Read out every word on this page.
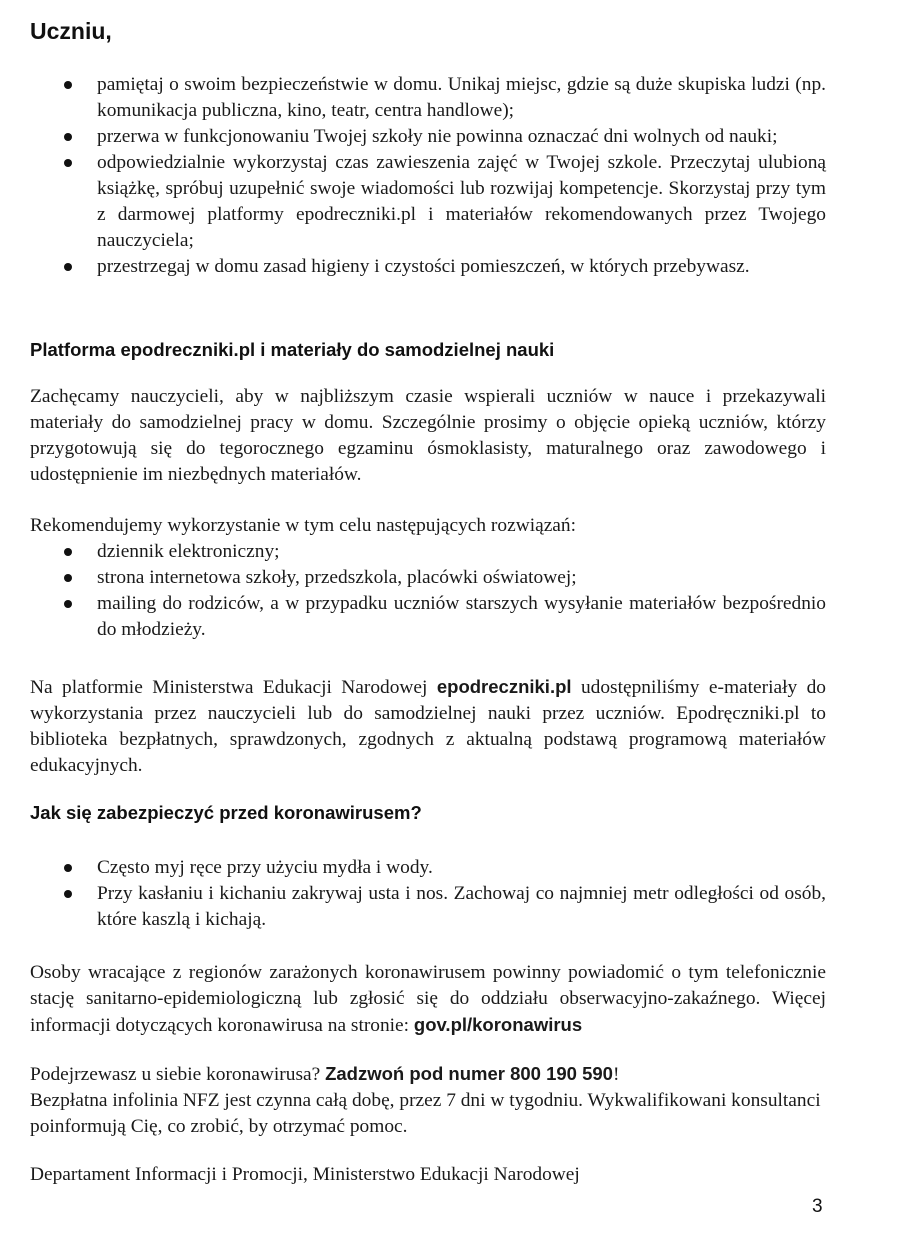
Uczniu,
pamiętaj o swoim bezpieczeństwie w domu. Unikaj miejsc, gdzie są duże skupiska ludzi (np. komunikacja publiczna, kino, teatr, centra handlowe);
przerwa w funkcjonowaniu Twojej szkoły nie powinna oznaczać dni wolnych od nauki;
odpowiedzialnie wykorzystaj czas zawieszenia zajęć w Twojej szkole. Przeczytaj ulubioną książkę, spróbuj uzupełnić swoje wiadomości lub rozwijaj kompetencje. Skorzystaj przy tym z darmowej platformy epodreczniki.pl i materiałów rekomendowanych przez Twojego nauczyciela;
przestrzegaj w domu zasad higieny i czystości pomieszczeń, w których przebywasz.
Platforma epodreczniki.pl i materiały do samodzielnej nauki

Zachęcamy nauczycieli, aby w najbliższym czasie wspierali uczniów w nauce i przekazywali materiały do samodzielnej pracy w domu. Szczególnie prosimy o objęcie opieką uczniów, którzy przygotowują się do tegorocznego egzaminu ósmoklasisty, maturalnego oraz zawodowego i udostępnienie im niezbędnych materiałów.

Rekomendujemy wykorzystanie w tym celu następujących rozwiązań:

dziennik elektroniczny;
strona internetowa szkoły, przedszkola, placówki oświatowej;
mailing do rodziców, a w przypadku uczniów starszych wysyłanie materiałów bezpośrednio do młodzieży.

Na platformie Ministerstwa Edukacji Narodowej epodreczniki.pl udostępniliśmy e-materiały do wykorzystania przez nauczycieli lub do samodzielnej nauki przez uczniów. Epodręczniki.pl to biblioteka bezpłatnych, sprawdzonych, zgodnych z aktualną podstawą programową materiałów edukacyjnych.

Jak się zabezpieczyć przed koronawirusem?
Często myj ręce przy użyciu mydła i wody.
Przy kasłaniu i kichaniu zakrywaj usta i nos. Zachowaj co najmniej metr odległości od osób, które kaszlą i kichają.

Osoby wracające z regionów zarażonych koronawirusem powinny powiadomić o tym telefonicznie stację sanitarno-epidemiologiczną lub zgłosić się do oddziału obserwacyjno-zakaźnego. Więcej informacji dotyczących koronawirusa na stronie: gov.pl/koronawirus

Podejrzewasz u siebie koronawirusa? Zadzwoń pod numer 800 190 590!
Bezpłatna infolinia NFZ jest czynna całą dobę, przez 7 dni w tygodniu. Wykwalifikowani konsultanci poinformują Cię, co zrobić, by otrzymać pomoc.

Departament Informacji i Promocji, Ministerstwo Edukacji Narodowej

3
